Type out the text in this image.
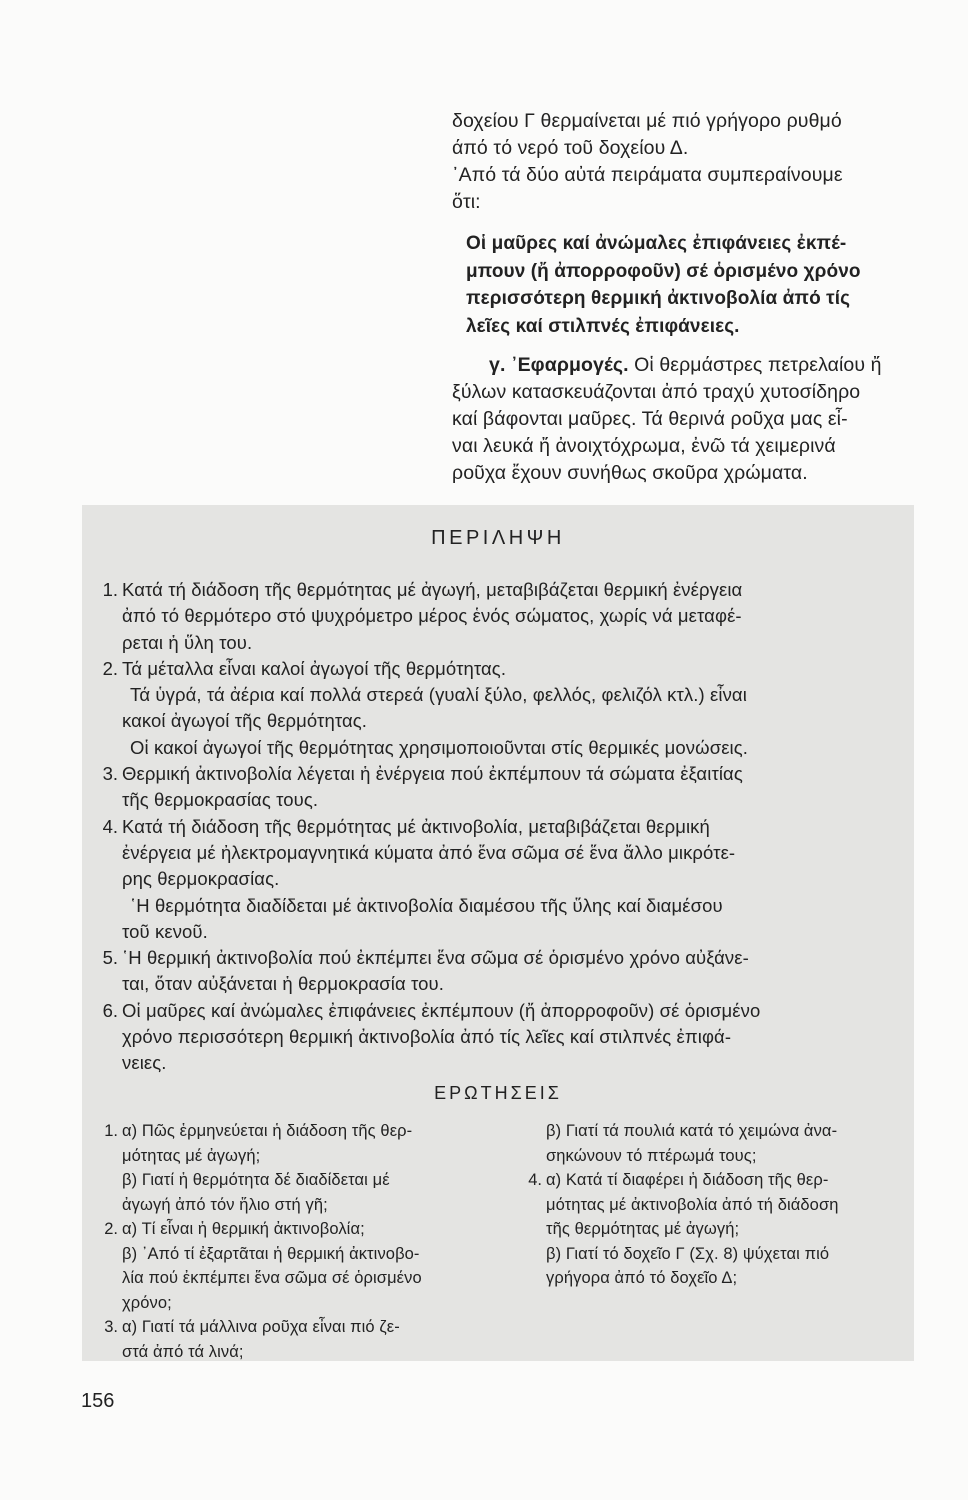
δοχείου Γ θερμαίνεται μέ πιό γρήγορο ρυθμό
άπό τό νερό τοῦ δοχείου Δ.
᾽Από τά δύο αὐτά πειράματα συμπεραίνουμε
ὅτι:
Οἱ μαῦρες καί ἀνώμαλες ἐπιφάνειες ἐκπέ-
μπουν (ἤ ἀπορροφοῦν) σέ ὁρισμένο χρόνο
περισσότερη θερμική ἀκτινοβολία ἀπό τίς
λεῖες καί στιλπνές ἐπιφάνειες.
γ. ᾽Εφαρμογές. Οἱ θερμάστρες πετρελαίου ἤ
ξύλων κατασκευάζονται ἀπό τραχύ χυτοσίδηρο
καί βάφονται μαῦρες. Τά θερινά ροῦχα μας εἶ-
ναι λευκά ἤ ἀνοιχτόχρωμα, ἐνῶ τά χειμερινά
ροῦχα ἔχουν συνήθως σκοῦρα χρώματα.
ΠΕΡΙΛΗΨΗ
1. Κατά τή διάδοση τῆς θερμότητας μέ ἀγωγή, μεταβιβάζεται θερμική ἐνέργεια
ἀπό τό θερμότερο στό ψυχρόμετρο μέρος ἑνός σώματος, χωρίς νά μεταφέ-
ρεται ἡ ὕλη του.
2. Τά μέταλλα εἶναι καλοί ἀγωγοί τῆς θερμότητας.
Τά ὑγρά, τά ἀέρια καί πολλά στερεά (γυαλί ξύλο, φελλός, φελιζόλ κτλ.) εἶναι
κακοί ἀγωγοί τῆς θερμότητας.
Οἱ κακοί ἀγωγοί τῆς θερμότητας χρησιμοποιοῦνται στίς θερμικές μονώσεις.
3. Θερμική ἀκτινοβολία λέγεται ἡ ἐνέργεια πού ἐκπέμπουν τά σώματα ἐξαιτίας
τῆς θερμοκρασίας τους.
4. Κατά τή διάδοση τῆς θερμότητας μέ ἀκτινοβολία, μεταβιβάζεται θερμική
ἐνέργεια μέ ἠλεκτρομαγνητικά κύματα ἀπό ἕνα σῶμα σέ ἕνα ἄλλο μικρότε-
ρης θερμοκρασίας.
῾Η θερμότητα διαδίδεται μέ ἀκτινοβολία διαμέσου τῆς ὕλης καί διαμέσου
τοῦ κενοῦ.
5. ῾Η θερμική ἀκτινοβολία πού ἐκπέμπει ἕνα σῶμα σέ ὁρισμένο χρόνο αὐξάνε-
ται, ὅταν αὐξάνεται ἡ θερμοκρασία του.
6. Οἱ μαῦρες καί ἀνώμαλες ἐπιφάνειες ἐκπέμπουν (ἤ ἀπορροφοῦν) σέ ὁρισμένο
χρόνο περισσότερη θερμική ἀκτινοβολία ἀπό τίς λεῖες καί στιλπνές ἐπιφά-
νειες.
ΕΡΩΤΗΣΕΙΣ
1. α) Πῶς ἑρμηνεύεται ἡ διάδοση τῆς θερ-
μότητας μέ ἀγωγή;
β) Γιατί ἡ θερμότητα δέ διαδίδεται μέ
ἀγωγή ἀπό τόν ἥλιο στή γῆ;
2. α) Τί εἶναι ἡ θερμική ἀκτινοβολία;
β) ᾽Από τί ἐξαρτᾶται ἡ θερμική ἀκτινοβο-
λία πού ἐκπέμπει ἕνα σῶμα σέ ὁρισμένο
χρόνο;
3. α) Γιατί τά μάλλινα ροῦχα εἶναι πιό ζε-
στά ἀπό τά λινά;
β) Γιατί τά πουλιά κατά τό χειμώνα ἀνα-
σηκώνουν τό πτέρωμά τους;
4. α) Κατά τί διαφέρει ἡ διάδοση τῆς θερ-
μότητας μέ ἀκτινοβολία ἀπό τή διάδοση
τῆς θερμότητας μέ ἀγωγή;
β) Γιατί τό δοχεῖο Γ (Σχ. 8) ψύχεται πιό
γρήγορα ἀπό τό δοχεῖο Δ;
156
